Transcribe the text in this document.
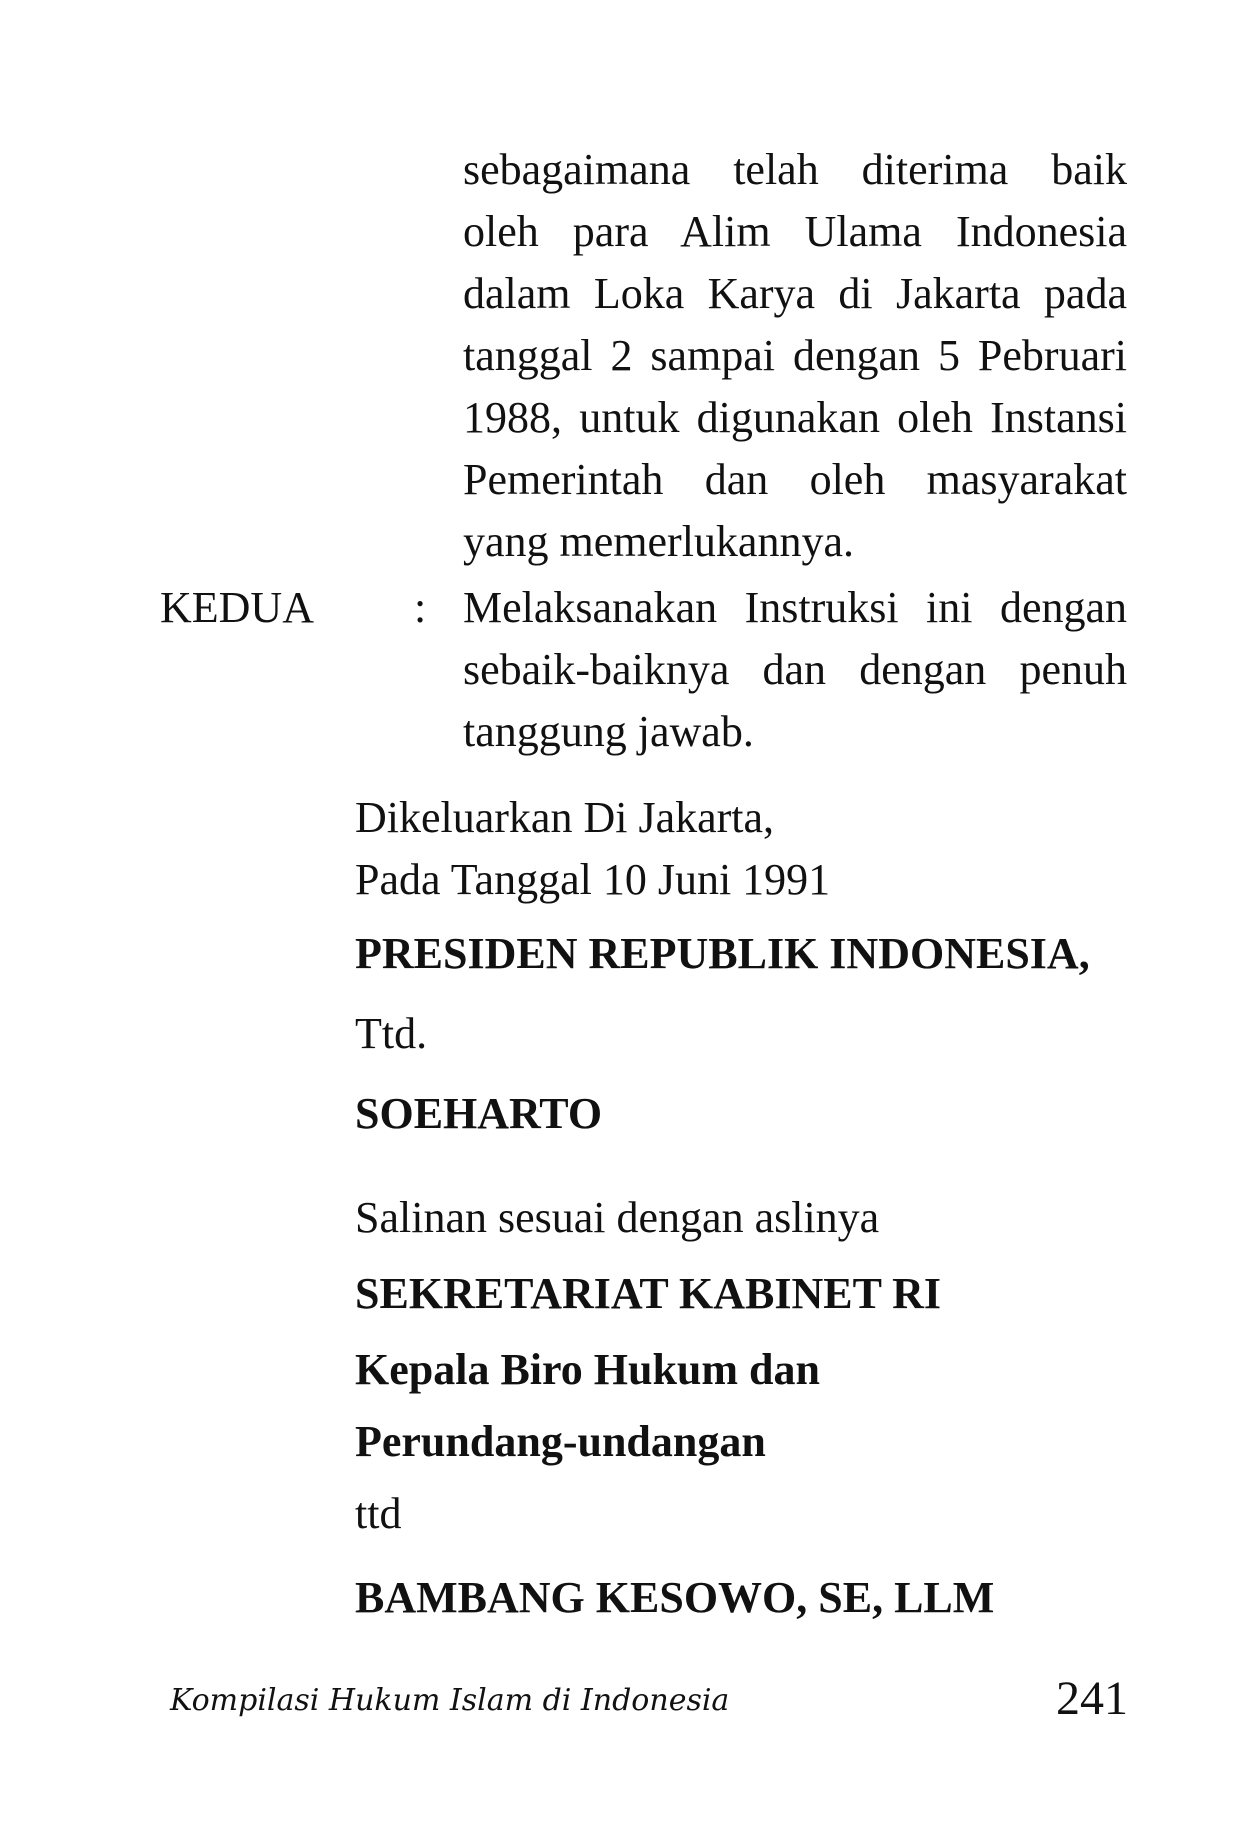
sebagaimana telah diterima baik
oleh para Alim Ulama Indonesia
dalam Loka Karya di Jakarta pada
tanggal 2 sampai dengan 5 Pebruari
1988, untuk digunakan oleh Instansi
Pemerintah dan oleh masyarakat
yang memerlukannya.
KEDUA : Melaksanakan Instruksi ini dengan
sebaik-baiknya dan dengan penuh
tanggung jawab.
Dikeluarkan Di Jakarta,
Pada Tanggal 10 Juni 1991
PRESIDEN REPUBLIK INDONESIA,
Ttd.
SOEHARTO
Salinan sesuai dengan aslinya
SEKRETARIAT KABINET RI
Kepala Biro Hukum dan
Perundang-undangan
ttd
BAMBANG KESOWO, SE, LLM
Kompilasi Hukum Islam di Indonesia	241
